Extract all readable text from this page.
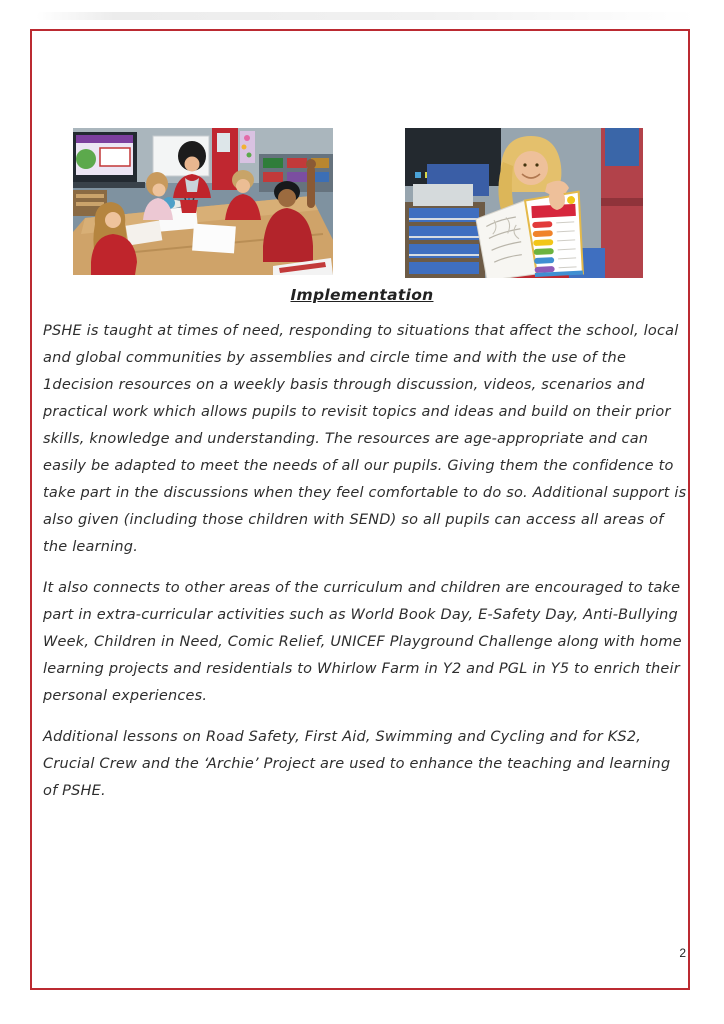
Implementation

PSHE is taught at times of need, responding to situations that affect the school, local and global communities by assemblies and circle time and with the use of the 1decision resources on a weekly basis through discussion, videos, scenarios and practical work which allows pupils to revisit topics and ideas and build on their prior skills, knowledge and understanding. The resources are age-appropriate and can easily be adapted to meet the needs of all our pupils. Giving them the confidence to take part in the discussions when they feel comfortable to do so. Additional support is also given (including those children with SEND) so all pupils can access all areas of the learning.

It also connects to other areas of the curriculum and children are encouraged to take part in extra-curricular activities such as World Book Day, E-Safety Day, Anti-Bullying Week, Children in Need, Comic Relief, UNICEF Playground Challenge along with home learning projects and residentials to Whirlow Farm in Y2 and PGL in Y5 to enrich their personal experiences.

Additional lessons on Road Safety, First Aid, Swimming and Cycling and for KS2, Crucial Crew and the ‘Archie’ Project are used to enhance the teaching and learning of PSHE.

2
